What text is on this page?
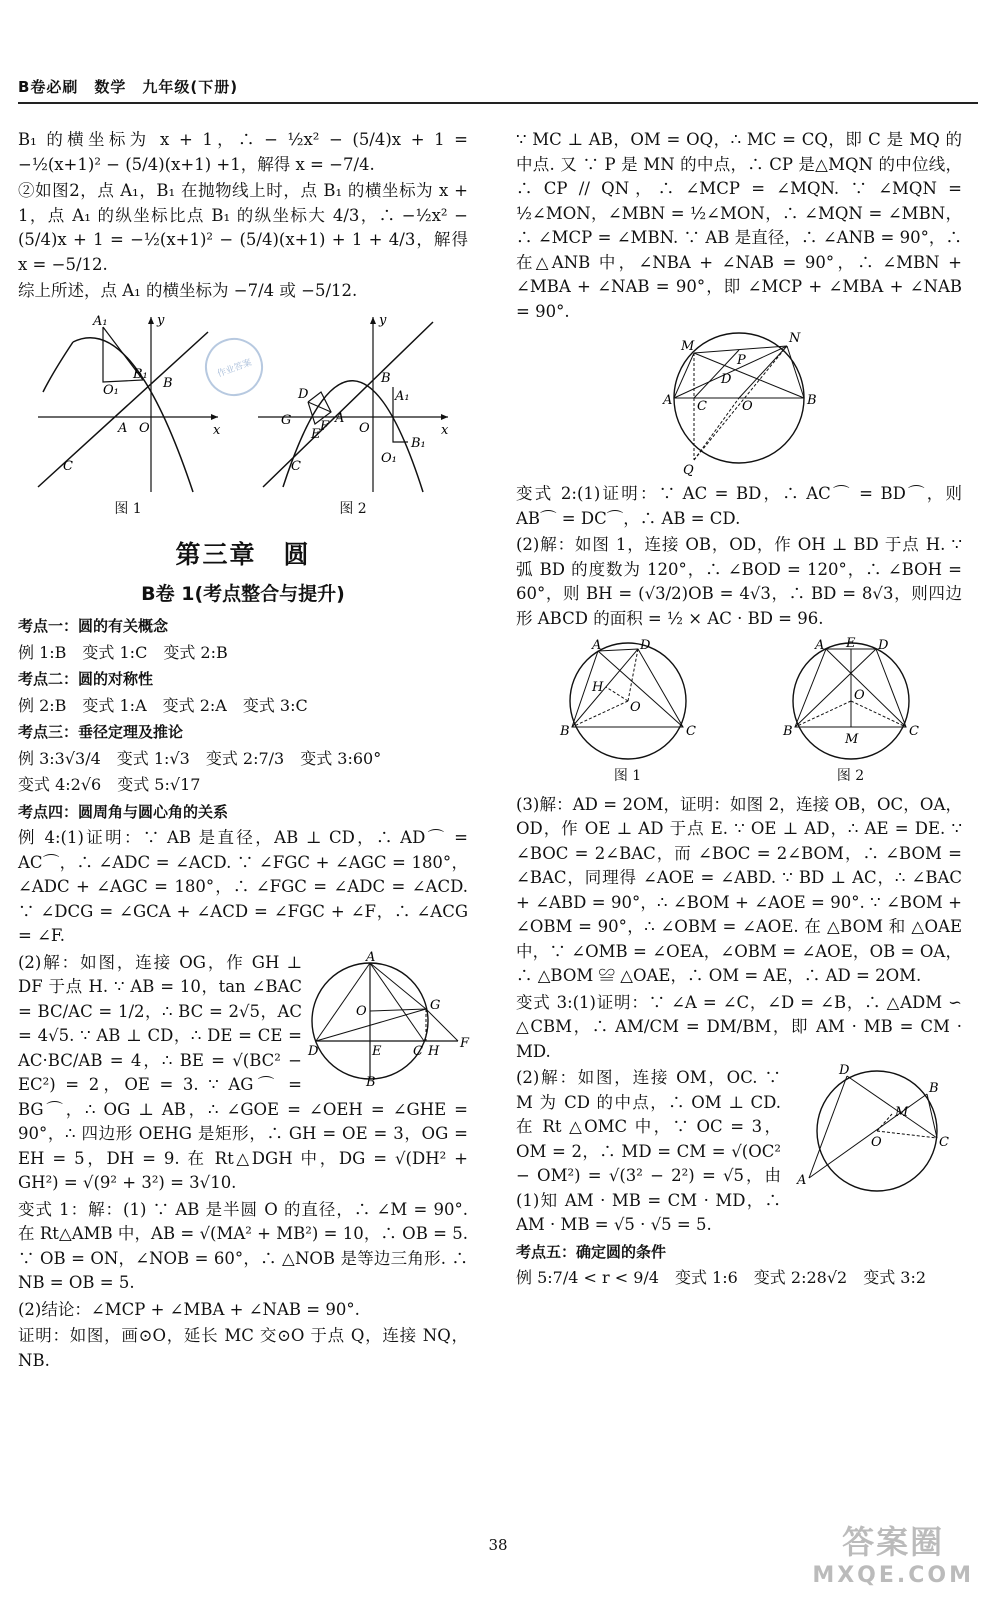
B卷必刷　数学　九年级(下册)

B₁ 的横坐标为 x + 1，∴ − ½x² − (5/4)x + 1 = −½(x+1)² − (5/4)(x+1) +1，解得 x = −7/4.

②如图2，点 A₁，B₁ 在抛物线上时，点 B₁ 的横坐标为 x + 1，点 A₁ 的纵坐标比点 B₁ 的纵坐标大 4/3，∴ −½x² − (5/4)x + 1 = −½(x+1)² − (5/4)(x+1) + 1 + 4/3，解得 x = −5/12.

综上所述，点 A₁ 的横坐标为 −7/4 或 −5/12.

A₁
O₁
B₁
B
A O
y
x
C
图 1
D
G
E
F
A
O
C
B
A₁
B₁
O₁
y
x
图 2
第三章　圆
B卷 1(考点整合与提升)
考点一：圆的有关概念
例 1:B　变式 1:C　变式 2:B
考点二：圆的对称性
例 2:B　变式 1:A　变式 2:A　变式 3:C
考点三：垂径定理及推论
例 3:3√3/4　变式 1:√3　变式 2:7/3　变式 3:60°
变式 4:2√6　变式 5:√17
考点四：圆周角与圆心角的关系

例 4:(1)证明：∵ AB 是直径，AB ⊥ CD，∴ AD⌒ = AC⌒，∴ ∠ADC = ∠ACD. ∵ ∠FGC + ∠AGC = 180°，∠ADC + ∠AGC = 180°，∴ ∠FGC = ∠ADC = ∠ACD. ∵ ∠DCG = ∠GCA + ∠ACD = ∠FGC + ∠F，∴ ∠ACG = ∠F.

A
O	G
D	E C H
F
B

(2)解：如图，连接 OG，作 GH ⊥ DF 于点 H. ∵ AB = 10，tan ∠BAC = BC/AC = 1/2，∴ BC = 2√5，AC = 4√5. ∵ AB ⊥ CD，∴ DE = CE = AC·BC/AB = 4，∴ BE = √(BC² − EC²) = 2，OE = 3. ∵ AG⌒ = BG⌒，∴ OG ⊥ AB，∴ ∠GOE = ∠OEH = ∠GHE = 90°，∴ 四边形 OEHG 是矩形，∴ GH = OE = 3，OG = EH = 5，DH = 9. 在 Rt△DGH 中，DG = √(DH² + GH²) = √(9² + 3²) = 3√10.

变式 1：解：(1) ∵ AB 是半圆 O 的直径，∴ ∠M = 90°. 在 Rt△AMB 中，AB = √(MA² + MB²) = 10，∴ OB = 5. ∵ OB = ON，∠NOB = 60°，∴ △NOB 是等边三角形. ∴ NB = OB = 5.

(2)结论：∠MCP + ∠MBA + ∠NAB = 90°.

证明：如图，画⊙O，延长 MC 交⊙O 于点 Q，连接 NQ，NB.

作业答案

∵ MC ⊥ AB，OM = OQ，∴ MC = CQ，即 C 是 MQ 的中点. 又 ∵ P 是 MN 的中点，∴ CP 是△MQN 的中位线，∴ CP // QN，∴ ∠MCP = ∠MQN. ∵ ∠MQN = ½∠MON，∠MBN = ½∠MON，∴ ∠MQN = ∠MBN，∴ ∠MCP = ∠MBN. ∵ AB 是直径，∴ ∠ANB = 90°，∴ 在△ANB 中，∠NBA + ∠NAB = 90°，∴ ∠MBN + ∠MBA + ∠NAB = 90°，即 ∠MCP + ∠MBA + ∠NAB = 90°.

M
N
P
D
A C	O	B
Q

变式 2:(1)证明：∵ AC = BD，∴ AC⌒ = BD⌒，则 AB⌒ = DC⌒，∴ AB = CD.

(2)解：如图 1，连接 OB，OD，作 OH ⊥ BD 于点 H. ∵ 弧 BD 的度数为 120°，∴ ∠BOD = 120°，∴ ∠BOH = 60°，则 BH = (√3/2)OB = 4√3，∴ BD = 8√3，则四边形 ABCD 的面积 = ½ × AC · BD = 96.

A	D
H
O
B	C
图 1
A E D
O
B	C
M
图 2

(3)解：AD = 2OM，证明：如图 2，连接 OB，OC，OA，OD，作 OE ⊥ AD 于点 E. ∵ OE ⊥ AD，∴ AE = DE. ∵ ∠BOC = 2∠BAC，而 ∠BOC = 2∠BOM，∴ ∠BOM = ∠BAC，同理得 ∠AOE = ∠ABD. ∵ BD ⊥ AC，∴ ∠BAC + ∠ABD = 90°，∴ ∠BOM + ∠AOE = 90°. ∵ ∠BOM + ∠OBM = 90°，∴ ∠OBM = ∠AOE. 在 △BOM 和 △OAE 中，∵ ∠OMB = ∠OEA，∠OBM = ∠AOE，OB = OA，∴ △BOM ≌ △OAE，∴ OM = AE，∴ AD = 2OM.

变式 3:(1)证明：∵ ∠A = ∠C，∠D = ∠B，∴ △ADM ∽ △CBM，∴ AM/CM = DM/BM，即 AM · MB = CM · MD.

D
B
M
O	C
A

(2)解：如图，连接 OM，OC. ∵ M 为 CD 的中点，∴ OM ⊥ CD. 在 Rt △OMC 中，∵ OC = 3，OM = 2，∴ MD = CM = √(OC² − OM²) = √(3² − 2²) = √5，由(1)知 AM · MB = CM · MD，∴ AM · MB = √5 · √5 = 5.

考点五：确定圆的条件
例 5:7/4 < r < 9/4　变式 1:6　变式 2:28√2　变式 3:2
38	答案圈
MXQE.COM
